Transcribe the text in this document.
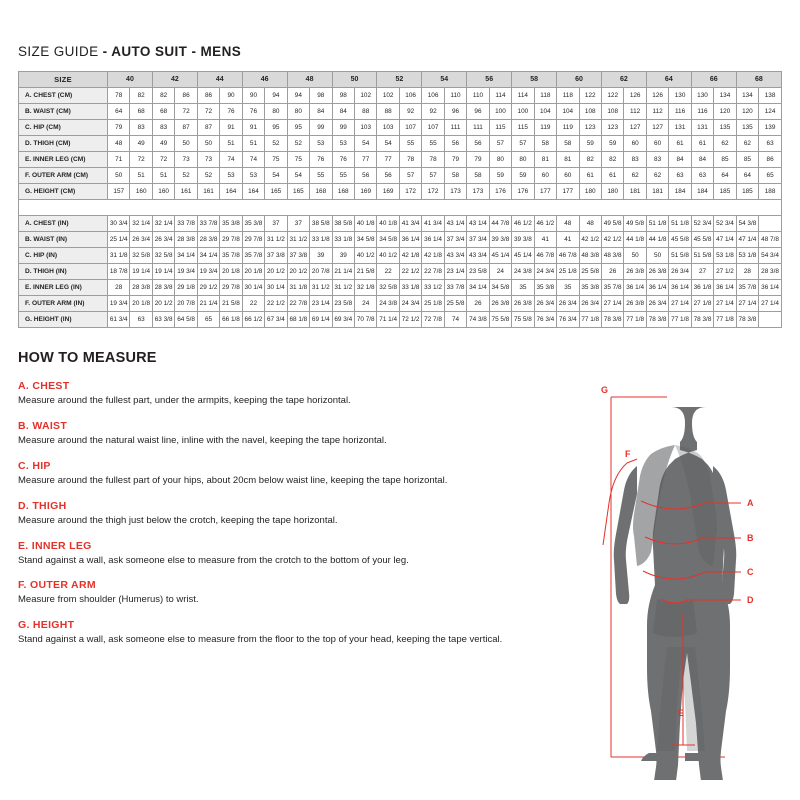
SIZE GUIDE - AUTO SUIT - MENS
SIZE	40		42		44		46		48		50		52		54		56		58		60		62		64		66		68	
A. CHEST (CM)	78	82	82	86	86	90	90	94	94	98	98	102	102	106	106	110	110	114	114	118	118	122	122	126	126	130	130	134	134	138
B. WAIST (CM)	64	68	68	72	72	76	76	80	80	84	84	88	88	92	92	96	96	100	100	104	104	108	108	112	112	116	116	120	120	124
C. HIP (CM)	79	83	83	87	87	91	91	95	95	99	99	103	103	107	107	111	111	115	115	119	119	123	123	127	127	131	131	135	135	139
D. THIGH (CM)	48	49	49	50	50	51	51	52	52	53	53	54	54	55	55	56	56	57	57	58	58	59	59	60	60	61	61	62	62	63
E. INNER LEG (CM)	71	72	72	73	73	74	74	75	75	76	76	77	77	78	78	79	79	80	80	81	81	82	82	83	83	84	84	85	85	86
F. OUTER ARM (CM)	50	51	51	52	52	53	53	54	54	55	55	56	56	57	57	58	58	59	59	60	60	61	61	62	62	63	63	64	64	65
G. HEIGHT (CM)	157	160	160	161	161	164	164	165	165	168	168	169	169	172	172	173	173	176	176	177	177	180	180	181	181	184	184	185	185	188

A. CHEST (IN)	30 3/4	32 1/4	32 1/4	33 7/8	33 7/8	35 3/8	35 3/8	37	37	38 5/8	38 5/8	40 1/8	40 1/8	41 3/4	41 3/4	43 1/4	43 1/4	44 7/8	46 1/2	46 1/2	48	48	49 5/8	49 5/8	51 1/8	51 1/8	52 3/4	52 3/4	54 3/8	
B. WAIST (IN)	25 1/4	26 3/4	26 3/4	28 3/8	28 3/8	29 7/8	29 7/8	31 1/2	31 1/2	33 1/8	33 1/8	34 5/8	34 5/8	36 1/4	36 1/4	37 3/4	37 3/4	39 3/8	39 3/8	41	41	42 1/2	42 1/2	44 1/8	44 1/8	45 5/8	45 5/8	47 1/4	47 1/4	48 7/8
C. HIP (IN)	31 1/8	32 5/8	32 5/8	34 1/4	34 1/4	35 7/8	35 7/8	37 3/8	37 3/8	39	39	40 1/2	40 1/2	42 1/8	42 1/8	43 3/4	43 3/4	45 1/4	45 1/4	46 7/8	46 7/8	48 3/8	48 3/8	50	50	51 5/8	51 5/8	53 1/8	53 1/8	54 3/4
D. THIGH (IN)	18 7/8	19 1/4	19 1/4	19 3/4	19 3/4	20 1/8	20 1/8	20 1/2	20 1/2	20 7/8	21 1/4	21 5/8	22	22 1/2	22 7/8	23 1/4	23 5/8	24	24 3/8	24 3/4	25 1/8	25 5/8	26	26 3/8	26 3/8	26 3/4	27	27 1/2	28	28 3/8
E. INNER LEG (IN)	28	28 3/8	28 3/8	29 1/8	29 1/2	29 7/8	30 1/4	30 1/4	31 1/8	31 1/2	31 1/2	32 1/8	32 5/8	33 1/8	33 1/2	33 7/8	34 1/4	34 5/8	35	35 3/8	35	35 3/8	35 7/8	36 1/4	36 1/4	36 1/4	36 1/8	36 1/4	35 7/8	36 1/4
F. OUTER ARM (IN)	19 3/4	20 1/8	20 1/2	20 7/8	21 1/4	21 5/8	22	22 1/2	22 7/8	23 1/4	23 5/8	24	24 3/8	24 3/4	25 1/8	25 5/8	26	26 3/8	26 3/8	26 3/4	26 3/4	26 3/4	27 1/4	26 3/8	26 3/4	27 1/4	27 1/8	27 1/4	27 1/4	27 1/4
G. HEIGHT (IN)	61 3/4	63	63 3/8	64 5/8	65	66 1/8	66 1/2	67 3/4	68 1/8	69 1/4	69 3/4	70 7/8	71 1/4	72 1/2	72 7/8	74	74 3/8	75 5/8	75 5/8	76 3/4	76 3/4	77 1/8	78 3/8	77 1/8	78 3/8	77 1/8	78 3/8	77 1/8	78 3/8	
HOW TO MEASURE
A. CHEST
Measure around the fullest part, under the armpits, keeping the tape horizontal.
B. WAIST
Measure around the natural waist line, inline with the navel, keeping the tape horizontal.
C. HIP
Measure around the fullest part of your hips, about 20cm below waist line, keeping the tape horizontal.
D. THIGH
Measure around the thigh just below the crotch, keeping the tape horizontal.
E. INNER LEG
Stand against a wall, ask someone else to measure from the crotch to the bottom of your leg.
F. OUTER ARM
Measure from shoulder (Humerus) to wrist.
G. HEIGHT
Stand against a wall, ask someone else to measure from the floor to the top of your head, keeping the tape vertical.
G
A
B
C
D
E
F
